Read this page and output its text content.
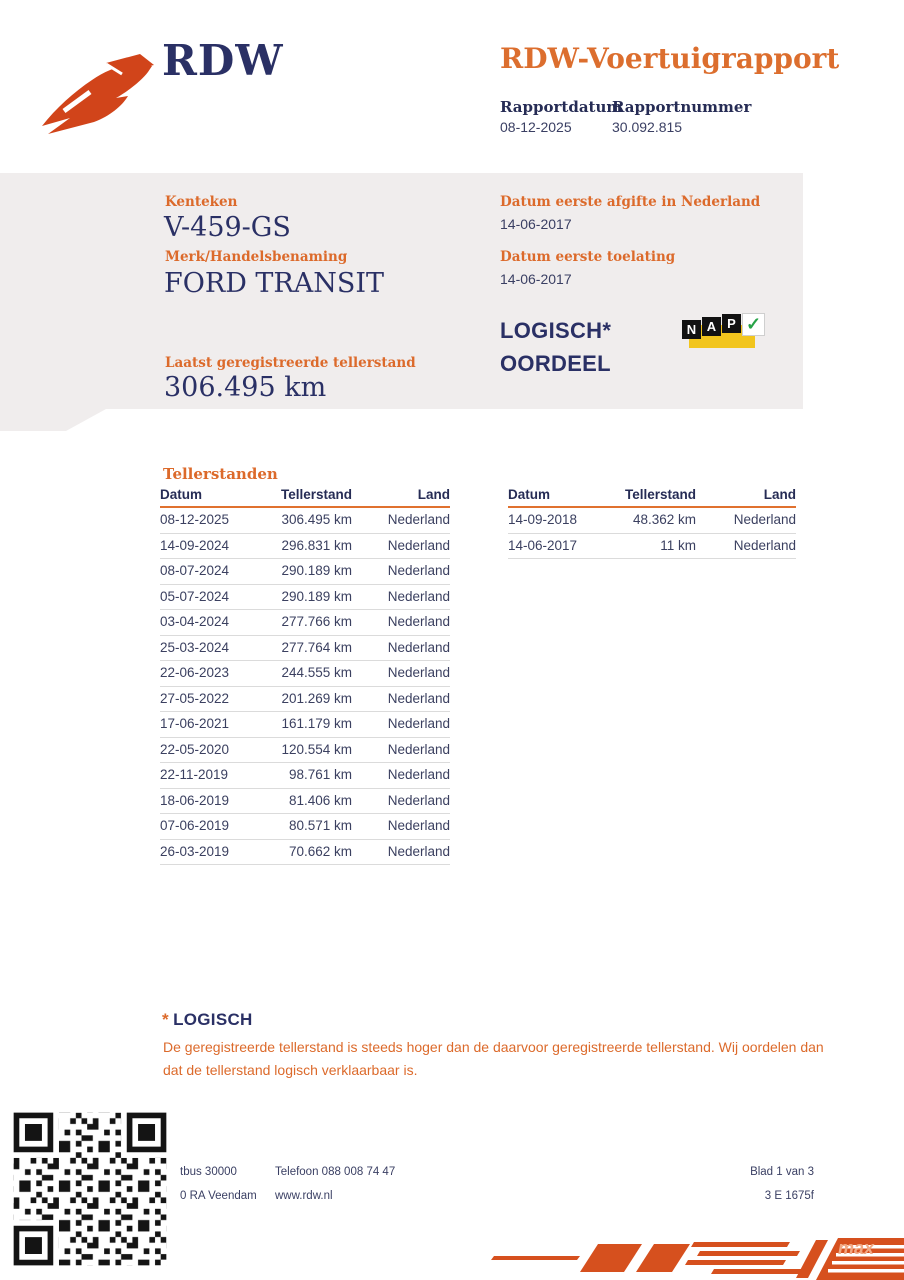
RDW	RDW-Voertuigrapport
Rapportdatum
Rapportnummer
08-12-2025	30.092.815
Kenteken
V-459-GS
Merk/Handelsbenaming
FORD TRANSIT
Laatst geregistreerde tellerstand
306.495 km
Datum eerste afgifte in Nederland
14-06-2017
Datum eerste toelating
14-06-2017
LOGISCH*
OORDEEL
N A P ✓
Tellerstanden
Datum	Tellerstand	Land
08-12-2025	306.495 km	Nederland
14-09-2024	296.831 km	Nederland
08-07-2024	290.189 km	Nederland
05-07-2024	290.189 km	Nederland
03-04-2024	277.766 km	Nederland
25-03-2024	277.764 km	Nederland
22-06-2023	244.555 km	Nederland
27-05-2022	201.269 km	Nederland
17-06-2021	161.179 km	Nederland
22-05-2020	120.554 km	Nederland
22-11-2019	98.761 km	Nederland
18-06-2019	81.406 km	Nederland
07-06-2019	80.571 km	Nederland
26-03-2019	70.662 km	Nederland
Datum	Tellerstand	Land
14-09-2018	48.362 km	Nederland
14-06-2017	11 km	Nederland
* LOGISCH
De geregistreerde tellerstand is steeds hoger dan de daarvoor geregistreerde tellerstand. Wij oordelen dan dat de tellerstand logisch verklaarbaar is.
tbus 30000
0 RA Veendam
Telefoon 088 008 74 47
www.rdw.nl
Blad 1 van 3
3 E 1675f
max
